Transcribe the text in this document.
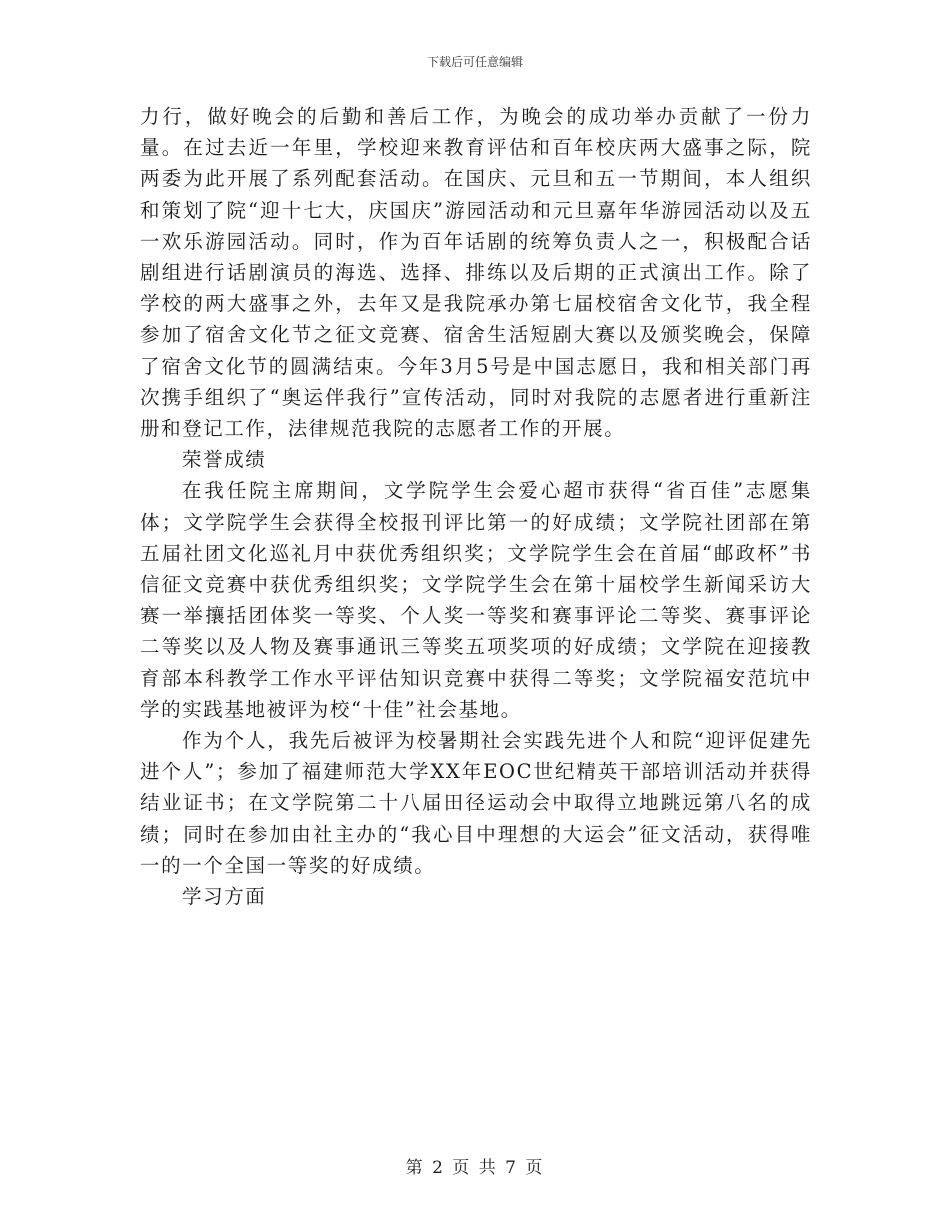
下载后可任意编辑

力行，做好晚会的后勤和善后工作，为晚会的成功举办贡献了一份力量。在过去近一年里，学校迎来教育评估和百年校庆两大盛事之际，院两委为此开展了系列配套活动。在国庆、元旦和五一节期间，本人组织和策划了院“迎十七大，庆国庆”游园活动和元旦嘉年华游园活动以及五一欢乐游园活动。同时，作为百年话剧的统筹负责人之一，积极配合话剧组进行话剧演员的海选、选择、排练以及后期的正式演出工作。除了学校的两大盛事之外，去年又是我院承办第七届校宿舍文化节，我全程参加了宿舍文化节之征文竞赛、宿舍生活短剧大赛以及颁奖晚会，保障了宿舍文化节的圆满结束。今年3月5号是中国志愿日，我和相关部门再次携手组织了“奥运伴我行”宣传活动，同时对我院的志愿者进行重新注册和登记工作，法律规范我院的志愿者工作的开展。

荣誉成绩

在我任院主席期间，文学院学生会爱心超市获得“省百佳”志愿集体；文学院学生会获得全校报刊评比第一的好成绩；文学院社团部在第五届社团文化巡礼月中获优秀组织奖；文学院学生会在首届“邮政杯”书信征文竞赛中获优秀组织奖；文学院学生会在第十届校学生新闻采访大赛一举攘括团体奖一等奖、个人奖一等奖和赛事评论二等奖、赛事评论二等奖以及人物及赛事通讯三等奖五项奖项的好成绩；文学院在迎接教育部本科教学工作水平评估知识竞赛中获得二等奖；文学院福安范坑中学的实践基地被评为校“十佳”社会基地。

作为个人，我先后被评为校暑期社会实践先进个人和院“迎评促建先进个人”；参加了福建师范大学XX年EOC世纪精英干部培训活动并获得结业证书；在文学院第二十八届田径运动会中取得立地跳远第八名的成绩；同时在参加由社主办的“我心目中理想的大运会”征文活动，获得唯一的一个全国一等奖的好成绩。

学习方面

第 2 页 共 7 页
